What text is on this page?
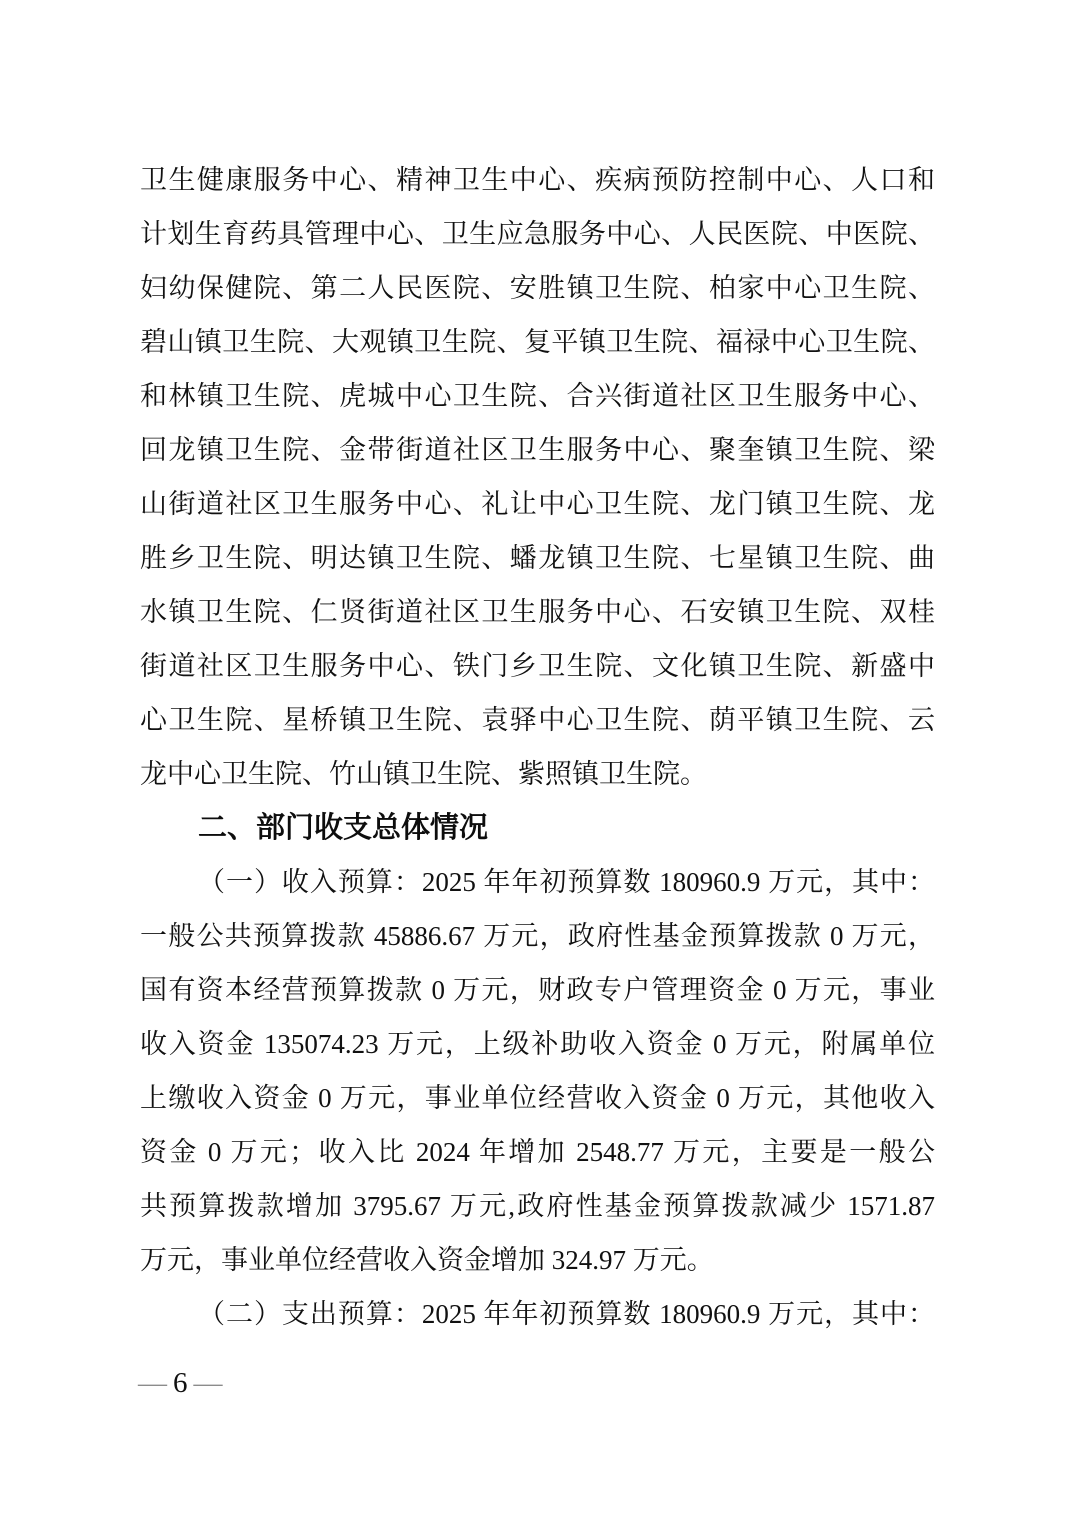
卫生健康服务中心、精神卫生中心、疾病预防控制中心、人口和
计划生育药具管理中心、卫生应急服务中心、人民医院、中医院、
妇幼保健院、第二人民医院、安胜镇卫生院、柏家中心卫生院、
碧山镇卫生院、大观镇卫生院、复平镇卫生院、福禄中心卫生院、
和林镇卫生院、虎城中心卫生院、合兴街道社区卫生服务中心、
回龙镇卫生院、金带街道社区卫生服务中心、聚奎镇卫生院、梁
山街道社区卫生服务中心、礼让中心卫生院、龙门镇卫生院、龙
胜乡卫生院、明达镇卫生院、蟠龙镇卫生院、七星镇卫生院、曲
水镇卫生院、仁贤街道社区卫生服务中心、石安镇卫生院、双桂
街道社区卫生服务中心、铁门乡卫生院、文化镇卫生院、新盛中
心卫生院、星桥镇卫生院、袁驿中心卫生院、荫平镇卫生院、云
龙中心卫生院、竹山镇卫生院、紫照镇卫生院。
二、部门收支总体情况
（一）收入预算：2025 年年初预算数 180960.9 万元，其中：
一般公共预算拨款 45886.67 万元，政府性基金预算拨款 0 万元，
国有资本经营预算拨款 0 万元，财政专户管理资金 0 万元，事业
收入资金 135074.23 万元，上级补助收入资金 0 万元，附属单位
上缴收入资金 0 万元，事业单位经营收入资金 0 万元，其他收入
资金 0 万元；收入比 2024 年增加 2548.77 万元，主要是一般公
共预算拨款增加 3795.67 万元,政府性基金预算拨款减少 1571.87
万元，事业单位经营收入资金增加 324.97 万元。
（二）支出预算：2025 年年初预算数 180960.9 万元，其中：
— 6 —
